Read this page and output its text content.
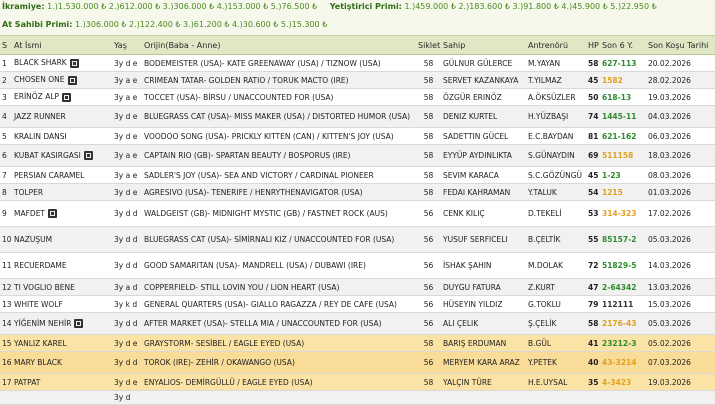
İkramiye: 1.)1.530.000 ₺ 2.)612.000 ₺ 3.)306.000 ₺ 4.)153.000 ₺ 5.)76.500 ₺ Yetiştirici Primi: 1.)459.000 ₺ 2.)183.600 ₺ 3.)91.800 ₺ 4.)45.900 ₺ 5.)22.950 ₺
At Sahibi Primi: 1.)306.000 ₺ 2.)122.400 ₺ 3.)61.200 ₺ 4.)30.600 ₺ 5.)15.300 ₺
S	At İsmi	Yaş	Orijin(Baba - Anne)	Siklet	Sahip	Antrenörü	HP	Son 6 Y.	Son Koşu Tarihi
1	BLACK SHARK	3y d e	BODEMEISTER (USA)- KATE GREENAWAY (USA) / TIZNOW (USA)	58	GÜLNUR GÜLERCE	M.YAYAN	58	627-113	20.02.2026
2	CHOSEN ONE	3y a e	CRIMEAN TATAR- GOLDEN RATIO / TORUK MACTO (IRE)	58	SERVET KAZANKAYA	T.YILMAZ	45	1582	28.02.2026
3	ERİNÖZ ALP	3y a e	TOCCET (USA)- BİRSU / UNACCOUNTED FOR (USA)	58	ÖZGÜR ERINÖZ	A.ÖKSÜZLER	50	618-13	19.03.2026
4	JAZZ RUNNER	3y d e	BLUEGRASS CAT (USA)- MISS MAKER (USA) / DISTORTED HUMOR (USA)	58	DENIZ KURTEL	H.YÜZBAŞI	74	1445-11	04.03.2026
5	KRALIN DANSI	3y d e	VOODOO SONG (USA)- PRICKLY KITTEN (CAN) / KITTEN'S JOY (USA)	58	SADETTIN GÜCEL	E.C.BAYDAN	81	621-162	06.03.2026
6	KUBAT KASIRGASI	3y a e	CAPTAIN RIO (GB)- SPARTAN BEAUTY / BOSPORUS (IRE)	58	EYYÜP AYDINLIKTA	S.GÜNAYDIN	69	511158	18.03.2026
7	PERSIAN CARAMEL	3y a e	SADLER'S JOY (USA)- SEA AND VICTORY / CARDINAL PIONEER	58	SEVIM KARACA	S.C.GÖZÜNGÜ	45	1-23	08.03.2026
8	TOLPER	3y d e	AGRESIVO (USA)- TENERIFE / HENRYTHENAVIGATOR (USA)	58	FEDAI KAHRAMAN	Y.TALUK	54	1215	01.03.2026
9	MAFDET	3y d d	WALDGEIST (GB)- MIDNIGHT MYSTIC (GB) / FASTNET ROCK (AUS)	56	CENK KILIÇ	D.TEKELİ	53	314-323	17.02.2026
10	NAZUŞUM	3y d d	BLUEGRASS CAT (USA)- SİMİRNALI KIZ / UNACCOUNTED FOR (USA)	56	YUSUF SERFICELI	B.ÇELTİK	55	85157-2	05.03.2026
11	RECUERDAME	3y d d	GOOD SAMARITAN (USA)- MANDRELL (USA) / DUBAWI (IRE)	56	İSHAK ŞAHIN	M.DOLAK	72	51829-5	14.03.2026
12	TI VOGLIO BENE	3y a d	COPPERFIELD- STILL LOVIN YOU / LION HEART (USA)	56	DUYGU FATURA	Z.KURT	47	2-64342	13.03.2026
13	WHITE WOLF	3y k d	GENERAL QUARTERS (USA)- GIALLO RAGAZZA / REY DE CAFE (USA)	56	HÜSEYIN YILDIZ	G.TOKLU	79	112111	15.03.2026
14	YİĞENİM NEHİR	3y d d	AFTER MARKET (USA)- STELLA MIA / UNACCOUNTED FOR (USA)	56	ALI ÇELIK	Ş.ÇELİK	58	2176-43	05.03.2026
15	YANLIZ KAREL	3y d e	GRAYSTORM- SESİBEL / EAGLE EYED (USA)	58	BARIŞ ERDUMAN	B.GÜL	41	23212-3	05.02.2026
16	MARY BLACK	3y d d	TOROK (IRE)- ZEHİR / OKAWANGO (USA)	56	MERYEM KARA ARAZ	Y.PETEK	40	43-3214	07.03.2026
17	PATPAT	3y d e	ENYALIOS- DEMİRGÜLLÜ / EAGLE EYED (USA)	58	YALÇIN TÜRE	H.E.UYSAL	35	4-3423	19.03.2026
		3y d							
